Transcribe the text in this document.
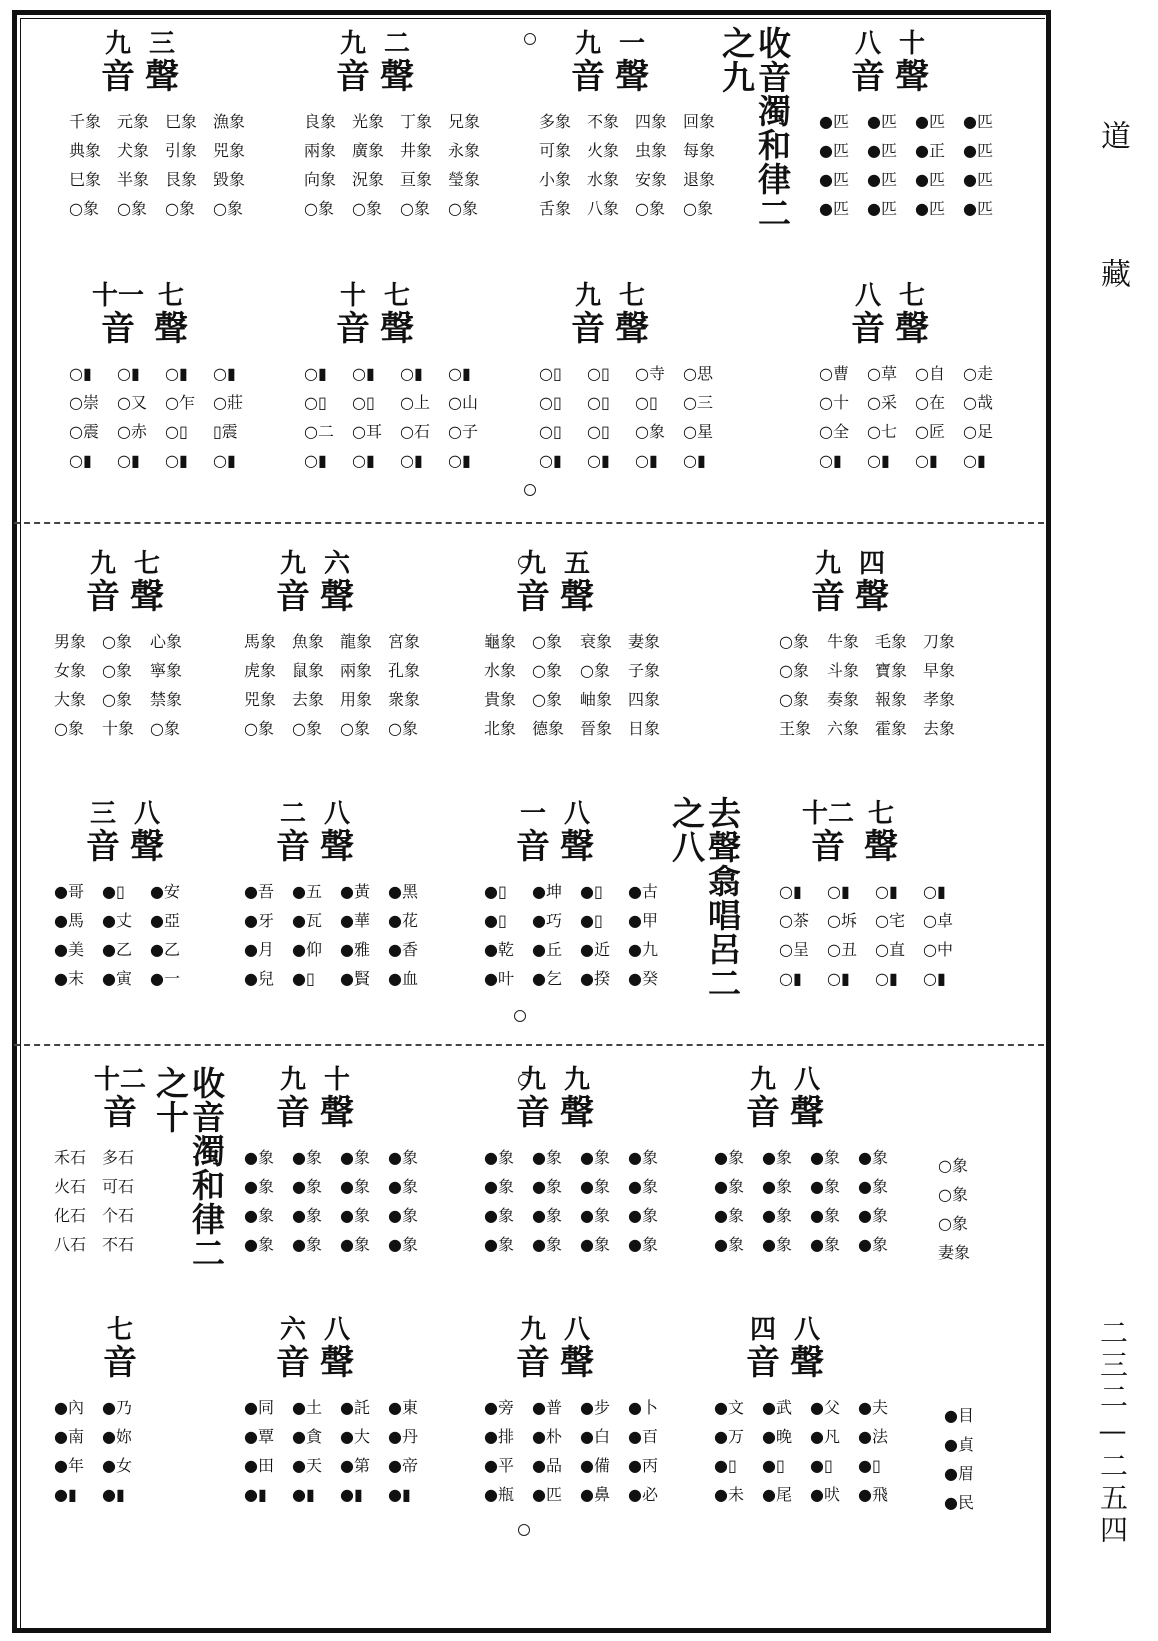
道
藏
二三二—二五四
收音濁和律二之九
去聲翕唱呂二之八
收音濁和律二之十
○象
○象
○象
妻象
●目
●貞
●眉
●民
三
聲
九
音
千象 元象 巳象 漁象
典象 犬象 引象 兕象
巳象 半象 艮象 毀象
○象	○象	○象	○象
二
聲
九
音
良象 光象 丁象 兄象
兩象 廣象 井象 永象
向象 況象 亘象 瑩象
○象	○象	○象	○象
一
聲
九
音
多象 不象 四象 回象
可象 火象 虫象 每象
小象 水象 安象 退象
舌象 八象 ○象	○象
十
聲
八
音
●匹	●匹	●匹	●匹
●匹	●匹	●正	●匹
●匹	●匹	●匹	●匹
●匹	●匹	●匹	●匹
七
聲
十一
音
○▮	○▮	○▮	○▮
○崇	○又	○乍	○莊
○震	○赤	○▯	▯震
○▮	○▮	○▮	○▮
七
聲
十
音
○▮	○▮	○▮	○▮
○▯	○▯	○上	○山
○二	○耳	○石	○子
○▮	○▮	○▮	○▮
七
聲
九
音
○▯	○▯	○寺	○思
○▯	○▯	○▯	○三
○▯	○▯	○象	○星
○▮	○▮	○▮	○▮
七
聲
八
音
○曹	○草	○自	○走
○十	○采	○在	○哉
○全	○七	○匠	○足
○▮	○▮	○▮	○▮
七
聲
九
音
男象 ○象	心象
女象 ○象	寧象
大象 ○象	禁象
○象	十象 ○象
六
聲
九
音
馬象 魚象 龍象 宮象
虎象 鼠象 兩象 孔象
兕象 去象 用象 衆象
○象	○象	○象	○象
五
聲
九
音
龜象 ○象	衰象 妻象
水象 ○象	○象	子象
貴象 ○象	岫象 四象
北象 德象 晉象 日象
四
聲
九
音
○象	牛象 毛象 刀象
○象	斗象 寶象 早象
○象	奏象 報象 孝象
王象 六象 霍象 去象
八
聲
三
音
●哥	●▯	●安
●馬	●丈	●亞
●美	●乙	●乙
●末	●寅	●一
八
聲
二
音
●吾	●五	●黃	●黑
●牙	●瓦	●華	●花
●月	●仰	●雅	●香
●兒	●▯	●賢	●血
八
聲
一
音
●▯	●坤	●▯	●古
●▯	●巧	●▯	●甲
●乾	●丘	●近	●九
●叶	●乞	●揆	●癸
七
聲
十二
音
○▮	○▮	○▮	○▮
○茶	○坼	○宅	○卓
○呈	○丑	○直	○中
○▮	○▮	○▮	○▮
十二
音
禾石 多石
火石 可石
化石 个石
八石 不石
十
聲
九
音
●象	●象	●象	●象
●象	●象	●象	●象
●象	●象	●象	●象
●象	●象	●象	●象
九
聲
九
音
●象	●象	●象	●象
●象	●象	●象	●象
●象	●象	●象	●象
●象	●象	●象	●象
八
聲
九
音
●象	●象	●象	●象
●象	●象	●象	●象
●象	●象	●象	●象
●象	●象	●象	●象
七
音
●內	●乃
●南	●妳
●年	●女
●▮	●▮
八
聲
六
音
●同	●土	●託	●東
●覃	●貪	●大	●丹
●田	●天	●第	●帝
●▮	●▮	●▮	●▮
八
聲
九
音
●旁	●普	●步	●卜
●排	●朴	●白	●百
●平	●品	●備	●丙
●瓶	●匹	●鼻	●必
八
聲
四
音
●文	●武	●父	●夫
●万	●晚	●凡	●法
●▯	●▯	●▯	●▯
●未	●尾	●吠	●飛
